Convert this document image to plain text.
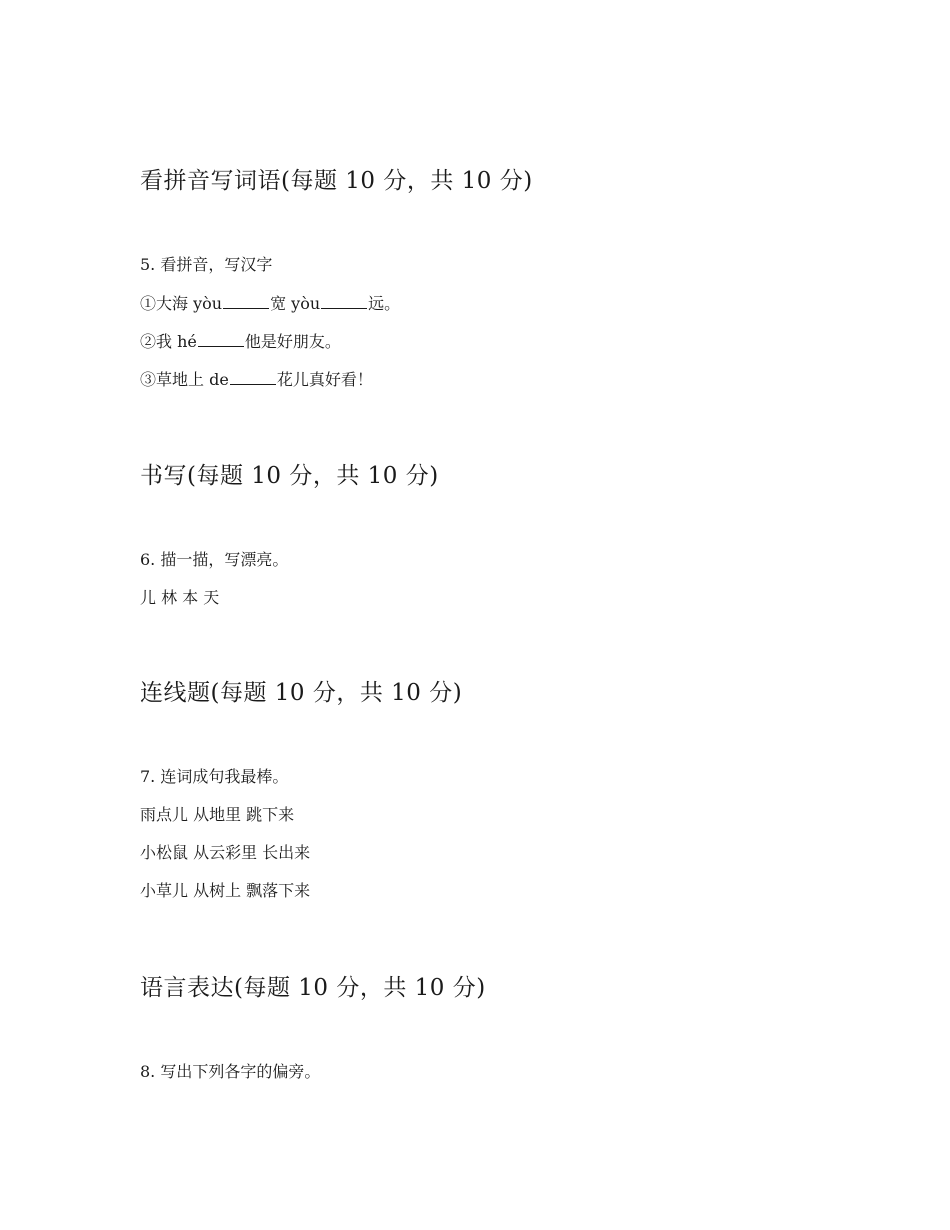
看拼音写词语(每题 10 分，共 10 分)
5. 看拼音，写汉字
①大海 yòu	宽 yòu	远。
②我 hé	他是好朋友。
③草地上 de	花儿真好看！
书写(每题 10 分，共 10 分)
6. 描一描，写漂亮。
儿 林 本 天
连线题(每题 10 分，共 10 分)
7. 连词成句我最棒。
雨点儿 从地里 跳下来
小松鼠 从云彩里 长出来
小草儿 从树上 飘落下来
语言表达(每题 10 分，共 10 分)
8. 写出下列各字的偏旁。
